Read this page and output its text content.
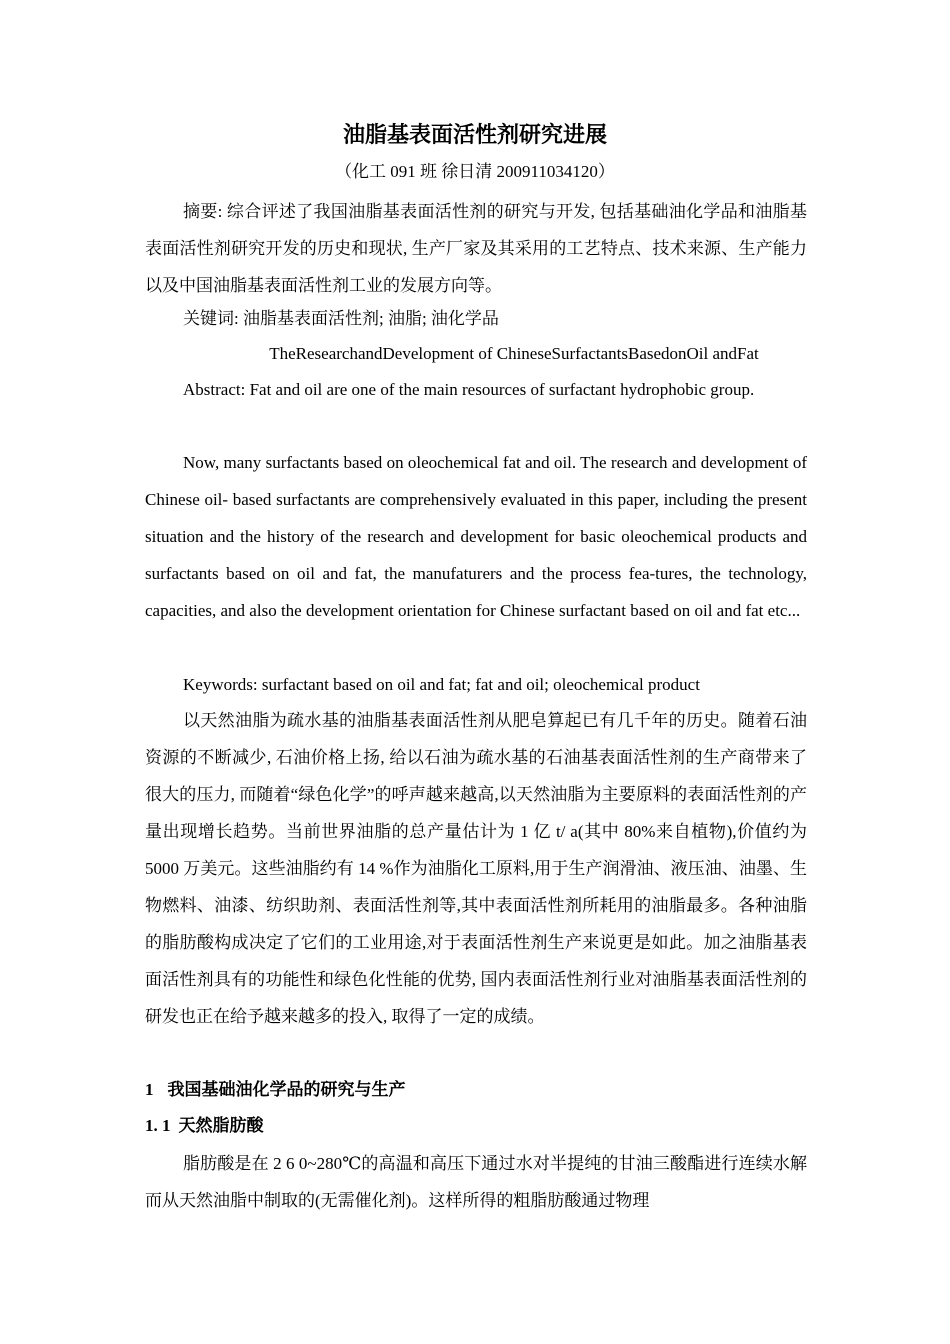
油脂基表面活性剂研究进展
（化工 091 班 徐日清 200911034120）
摘要: 综合评述了我国油脂基表面活性剂的研究与开发, 包括基础油化学品和油脂基表面活性剂研究开发的历史和现状, 生产厂家及其采用的工艺特点、技术来源、生产能力以及中国油脂基表面活性剂工业的发展方向等。
关键词: 油脂基表面活性剂; 油脂; 油化学品
TheResearchandDevelopment of ChineseSurfactantsBasedonOil andFat
Abstract: Fat and oil are one of the main resources of surfactant hydrophobic group.
Now, many surfactants based on oleochemical fat and oil. The research and development of Chinese oil- based surfactants are comprehensively evaluated in this paper, including the present situation and the history of the research and development for basic oleochemical products and surfactants based on oil and fat, the manufaturers and the process fea-tures, the technology, capacities, and also the development orientation for Chinese surfactant based on oil and fat etc...
Keywords: surfactant based on oil and fat; fat and oil; oleochemical product
以天然油脂为疏水基的油脂基表面活性剂从肥皂算起已有几千年的历史。随着石油资源的不断减少, 石油价格上扬, 给以石油为疏水基的石油基表面活性剂的生产商带来了很大的压力, 而随着“绿色化学”的呼声越来越高,以天然油脂为主要原料的表面活性剂的产量出现增长趋势。当前世界油脂的总产量估计为 1 亿 t/ a(其中 80%来自植物),价值约为 5000 万美元。这些油脂约有 14 %作为油脂化工原料,用于生产润滑油、液压油、油墨、生物燃料、油漆、纺织助剂、表面活性剂等,其中表面活性剂所耗用的油脂最多。各种油脂的脂肪酸构成决定了它们的工业用途,对于表面活性剂生产来说更是如此。加之油脂基表面活性剂具有的功能性和绿色化性能的优势, 国内表面活性剂行业对油脂基表面活性剂的研发也正在给予越来越多的投入, 取得了一定的成绩。
1 我国基础油化学品的研究与生产
1. 1 天然脂肪酸
脂肪酸是在 2 6 0~280℃的高温和高压下通过水对半提纯的甘油三酸酯进行连续水解而从天然油脂中制取的(无需催化剂)。这样所得的粗脂肪酸通过物理
